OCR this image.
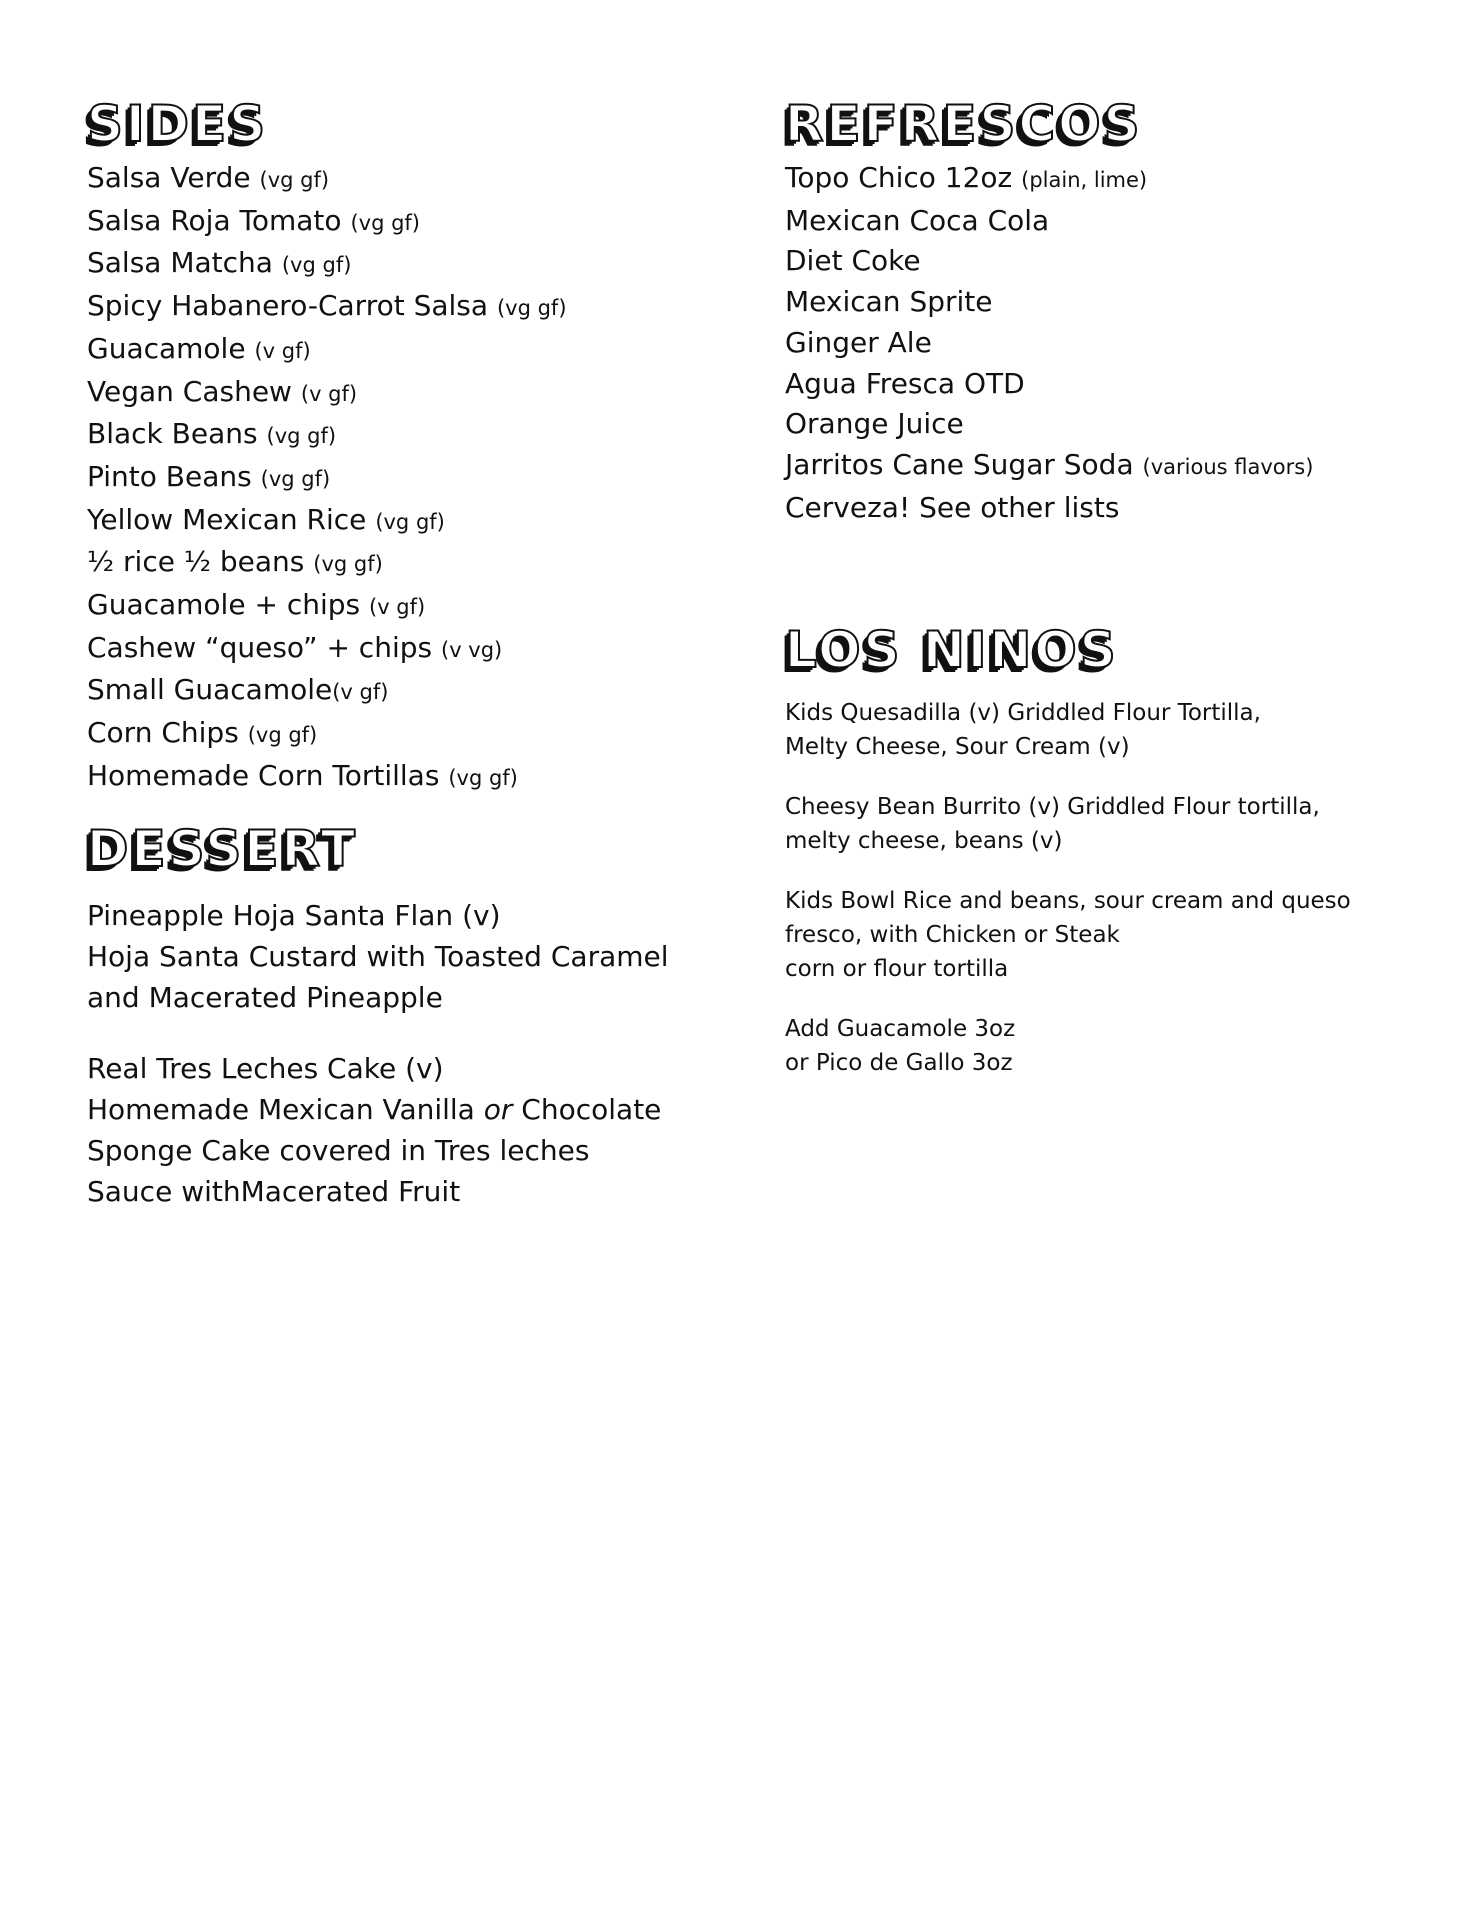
SIDES
Salsa Verde (vg gf)
Salsa Roja Tomato (vg gf)
Salsa Matcha (vg gf)
Spicy Habanero-Carrot Salsa (vg gf)
Guacamole (v gf)
Vegan Cashew (v gf)
Black Beans (vg gf)
Pinto Beans (vg gf)
Yellow Mexican Rice (vg gf)
½ rice ½ beans (vg gf)
Guacamole + chips (v gf)
Cashew “queso” + chips (v vg)
Small Guacamole(v gf)
Corn Chips (vg gf)
Homemade Corn Tortillas (vg gf)
DESSERT
Pineapple Hoja Santa Flan (v)
Hoja Santa Custard with Toasted Caramel
and Macerated Pineapple
Real Tres Leches Cake (v)
Homemade Mexican Vanilla or Chocolate
Sponge Cake covered in Tres leches
Sauce withMacerated Fruit
REFRESCOS
Topo Chico 12oz (plain, lime)
Mexican Coca Cola
Diet Coke
Mexican Sprite
Ginger Ale
Agua Fresca OTD
Orange Juice
Jarritos Cane Sugar Soda (various flavors)
Cerveza! See other lists
LOS NINOS
Kids Quesadilla (v) Griddled Flour Tortilla,
Melty Cheese, Sour Cream (v)
Cheesy Bean Burrito (v) Griddled Flour tortilla,
melty cheese, beans (v)
Kids Bowl Rice and beans, sour cream and queso
fresco, with Chicken or Steak
corn or flour tortilla
Add Guacamole 3oz
or Pico de Gallo 3oz
